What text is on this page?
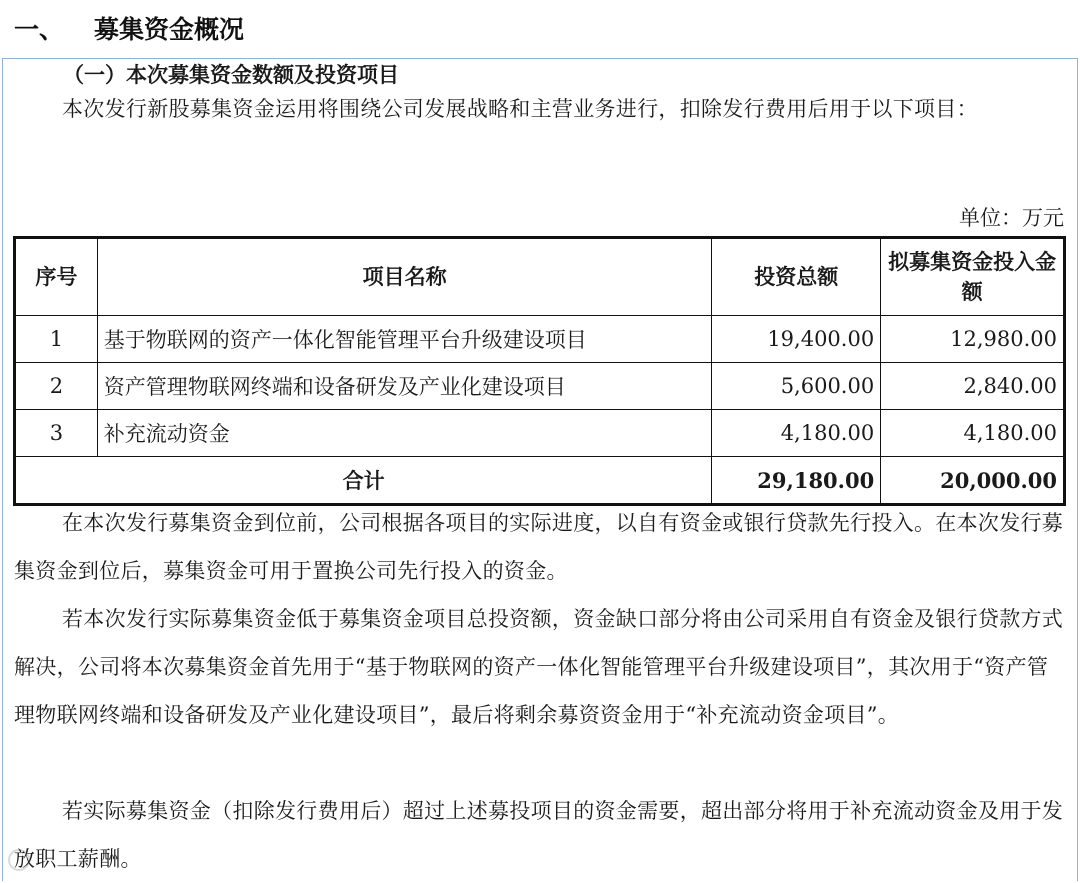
一、	募集资金概况
（一）本次募集资金数额及投资项目

本次发行新股募集资金运用将围绕公司发展战略和主营业务进行，扣除发行费用后用于以下项目：

单位：万元
序号	项目名称	投资总额	拟募集资金投入金额
1	基于物联网的资产一体化智能管理平台升级建设项目	19,400.00	12,980.00
2	资产管理物联网终端和设备研发及产业化建设项目	5,600.00	2,840.00
3	补充流动资金	4,180.00	4,180.00
合计		29,180.00	20,000.00

在本次发行募集资金到位前，公司根据各项目的实际进度，以自有资金或银行贷款先行投入。在本次发行募集资金到位后，募集资金可用于置换公司先行投入的资金。

若本次发行实际募集资金低于募集资金项目总投资额，资金缺口部分将由公司采用自有资金及银行贷款方式解决，公司将本次募集资金首先用于“基于物联网的资产一体化智能管理平台升级建设项目”，其次用于“资产管理物联网终端和设备研发及产业化建设项目”，最后将剩余募资资金用于“补充流动资金项目”。

若实际募集资金（扣除发行费用后）超过上述募投项目的资金需要，超出部分将用于补充流动资金及用于发放职工薪酬。
